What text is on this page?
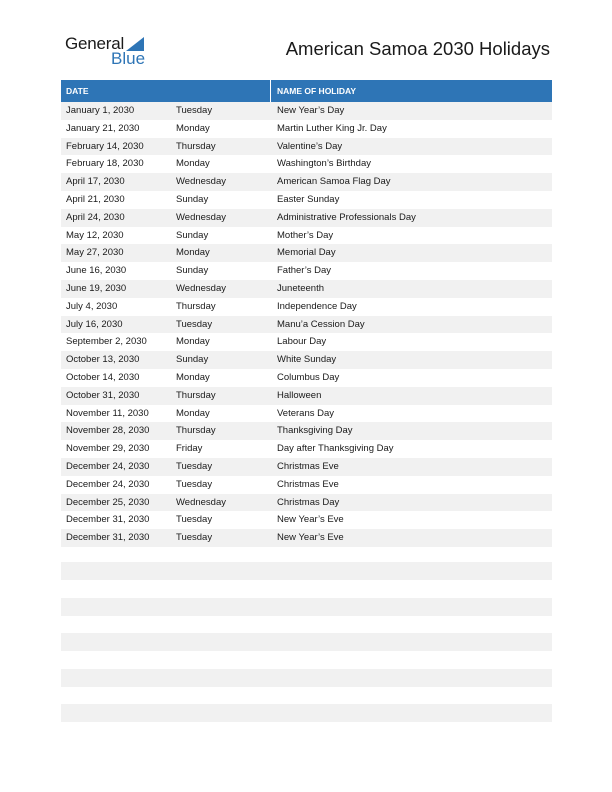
General
Blue	American Samoa 2030 Holidays
DATE	NAME OF HOLIDAY
January 1, 2030	Tuesday	New Year’s Day
January 21, 2030	Monday	Martin Luther King Jr. Day
February 14, 2030	Thursday	Valentine’s Day
February 18, 2030	Monday	Washington’s Birthday
April 17, 2030	Wednesday	American Samoa Flag Day
April 21, 2030	Sunday	Easter Sunday
April 24, 2030	Wednesday	Administrative Professionals Day
May 12, 2030	Sunday	Mother’s Day
May 27, 2030	Monday	Memorial Day
June 16, 2030	Sunday	Father’s Day
June 19, 2030	Wednesday	Juneteenth
July 4, 2030	Thursday	Independence Day
July 16, 2030	Tuesday	Manu’a Cession Day
September 2, 2030	Monday	Labour Day
October 13, 2030	Sunday	White Sunday
October 14, 2030	Monday	Columbus Day
October 31, 2030	Thursday	Halloween
November 11, 2030	Monday	Veterans Day
November 28, 2030	Thursday	Thanksgiving Day
November 29, 2030	Friday	Day after Thanksgiving Day
December 24, 2030	Tuesday	Christmas Eve
December 24, 2030	Tuesday	Christmas Eve
December 25, 2030	Wednesday	Christmas Day
December 31, 2030	Tuesday	New Year’s Eve
December 31, 2030	Tuesday	New Year’s Eve
